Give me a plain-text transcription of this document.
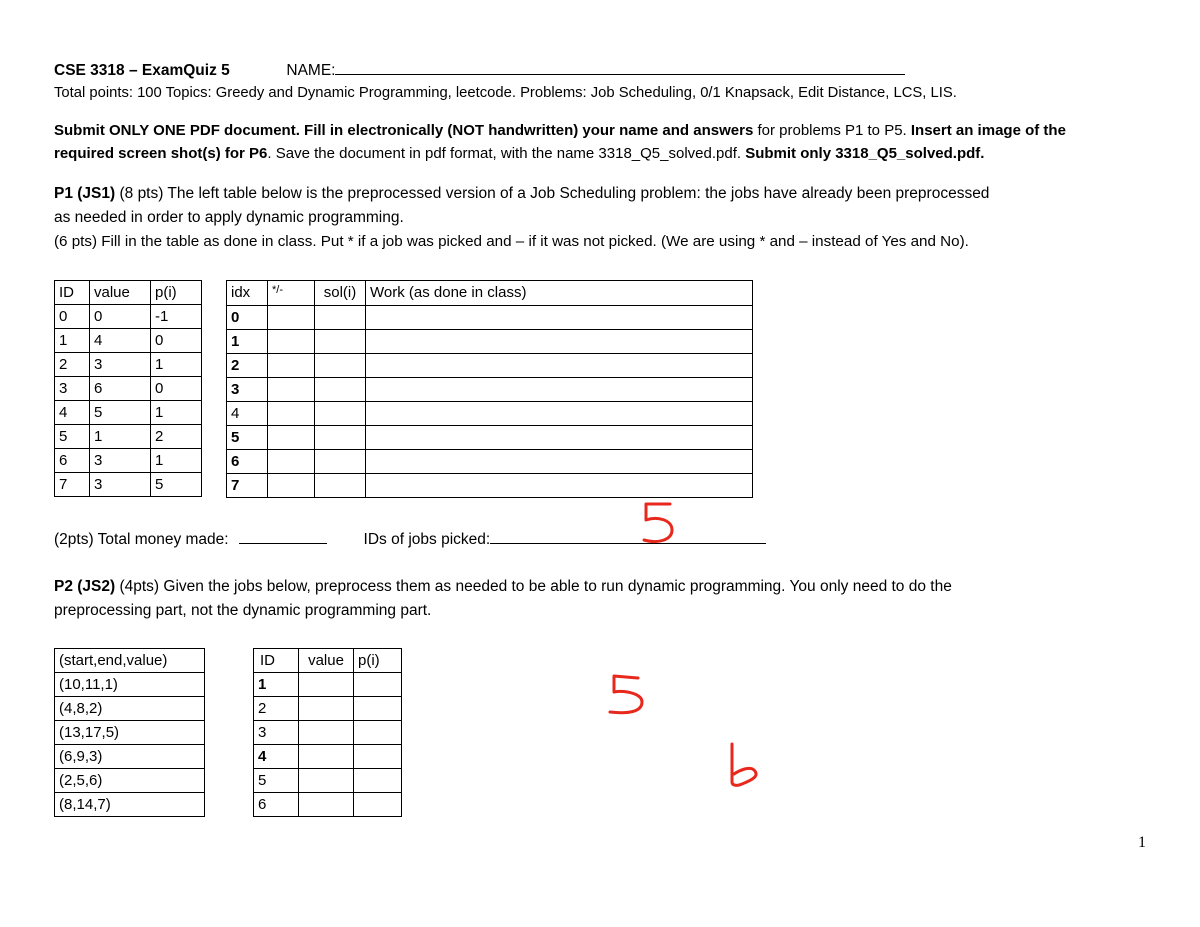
CSE 3318 – ExamQuiz 5	NAME:
Total points: 100 Topics: Greedy and Dynamic Programming, leetcode. Problems: Job Scheduling, 0/1 Knapsack, Edit Distance, LCS, LIS.
Submit ONLY ONE PDF document. Fill in electronically (NOT handwritten) your name and answers for problems P1 to P5. Insert an image of the
required screen shot(s) for P6. Save the document in pdf format, with the name 3318_Q5_solved.pdf. Submit only 3318_Q5_solved.pdf.
P1 (JS1) (8 pts) The left table below is the preprocessed version of a Job Scheduling problem: the jobs have already been preprocessed
as needed in order to apply dynamic programming.
(6 pts) Fill in the table as done in class. Put * if a job was picked and – if it was not picked. (We are using * and – instead of Yes and No).
ID	value	p(i)
0	0	-1
1	4	0
2	3	1
3	6	0
4	5	1
5	1	2
6	3	1
7	3	5
idx	*/-	sol(i)	Work (as done in class)
0			
1			
2			
3			
4			
5			
6			
7			
(2pts) Total money made:	IDs of jobs picked:
P2 (JS2) (4pts) Given the jobs below, preprocess them as needed to be able to run dynamic programming. You only need to do the
preprocessing part, not the dynamic programming part.
(start,end,value)
(10,11,1)
(4,8,2)
(13,17,5)
(6,9,3)
(2,5,6)
(8,14,7)
ID	value	p(i)
1		
2		
3		
4		
5		
6		
1
